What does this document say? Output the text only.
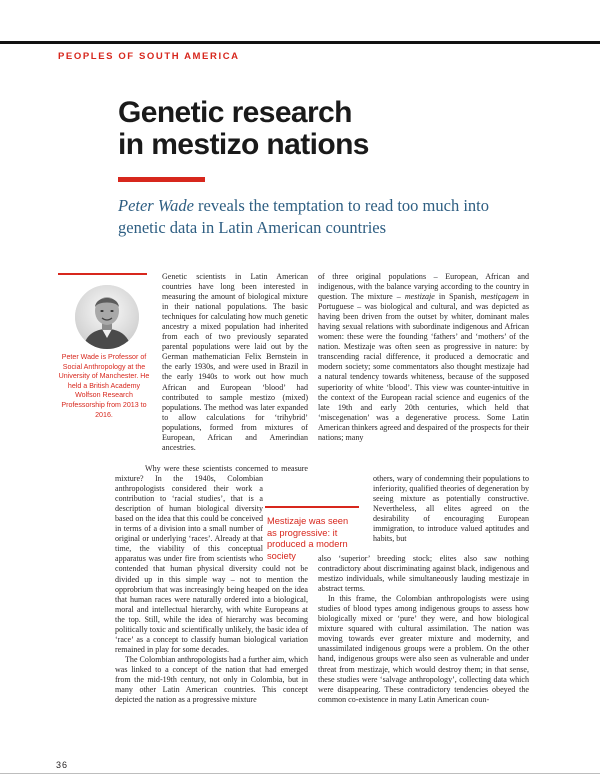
PEOPLES OF SOUTH AMERICA
Genetic research
in mestizo nations

Peter Wade reveals the temptation to read too much into genetic data in Latin American countries

Peter Wade is Professor of Social Anthropology at the University of Manchester. He held a British Academy Wolfson Research Professorship from 2013 to 2016.

Genetic scientists in Latin American countries have long been interested in measuring the amount of biological mixture in their national populations. The basic techniques for calculating how much genetic ancestry a mixed population had inherited from each of two previously separated parental populations were laid out by the German mathematician Felix Bernstein in the early 1930s, and were used in Brazil in the early 1940s to work out how much African and European ‘blood’ had contributed to sample mestizo (mixed) populations. The method was later expanded to allow calculations for ‘trihybrid’ populations, formed from mixtures of European, African and Amerindian ancestries.

Why were these scientists concerned to measure
mixture? In the 1940s, Colombian anthropologists considered their work a contribution to ‘racial studies’, that is a description of human biological diversity based on the idea that this could be conceived in terms of a division into a small number of original or underlying ‘races’. Already at that time, the viability of this conceptual apparatus was under fire from scientists who contended that human physical diversity could not be divided up in this simple way – not to mention the opprobrium that was increasingly being heaped on the idea that human races were naturally ordered into a biological, moral and intellectual hierarchy, with white Europeans at the top. Still, while the idea of hierarchy was becoming politically toxic and scientifically unlikely, the basic idea of ‘race’ as a concept to classify human biological variation remained in play for some decades.

The Colombian anthropologists had a further aim, which was linked to a concept of the nation that had emerged from the mid-19th century, not only in Colombia, but in many other Latin American countries. This concept depicted the nation as a progressive mixture

of three original populations – European, African and indigenous, with the balance varying according to the country in question. The mixture – mestizaje in Spanish, mestiçagem in Portuguese – was biological and cultural, and was depicted as having been driven from the outset by whiter, dominant males having sexual relations with subordinate indigenous and African women: these were the founding ‘fathers’ and ‘mothers’ of the nation. Mestizaje was often seen as progressive in nature: by transcending racial difference, it produced a democratic and modern society; some commentators also thought mestizaje had a natural tendency towards whiteness, because of the supposed superiority of white ‘blood’. This view was counter-intuitive in the context of the European racial science and eugenics of the late 19th and early 20th centuries, which held that ‘miscegenation’ was a degenerative process. Some Latin American thinkers agreed and despaired of the prospects for their nations; many

others, wary of condemning their populations to inferiority, qualified theories of degeneration by seeing mixture as potentially constructive. Nevertheless, all elites agreed on the desirability of encouraging European immigration, to introduce valued aptitudes and habits, but

also ‘superior’ breeding stock; elites also saw nothing contradictory about discriminating against black, indigenous and mestizo individuals, while simultaneously lauding mestizaje in abstract terms.

In this frame, the Colombian anthropologists were using studies of blood types among indigenous groups to assess how biologically mixed or ‘pure’ they were, and how biological mixture squared with cultural assimilation. The nation was moving towards ever greater mixture and modernity, and unassimilated indigenous groups were a problem. On the other hand, indigenous groups were also seen as vulnerable and under threat from mestizaje, which would destroy them; in that sense, these studies were ‘salvage anthropology’, collecting data which were disappearing. These contradictory tendencies obeyed the common co-existence in many Latin American coun-

Mestizaje was seen as progressive: it produced a modern society

36
